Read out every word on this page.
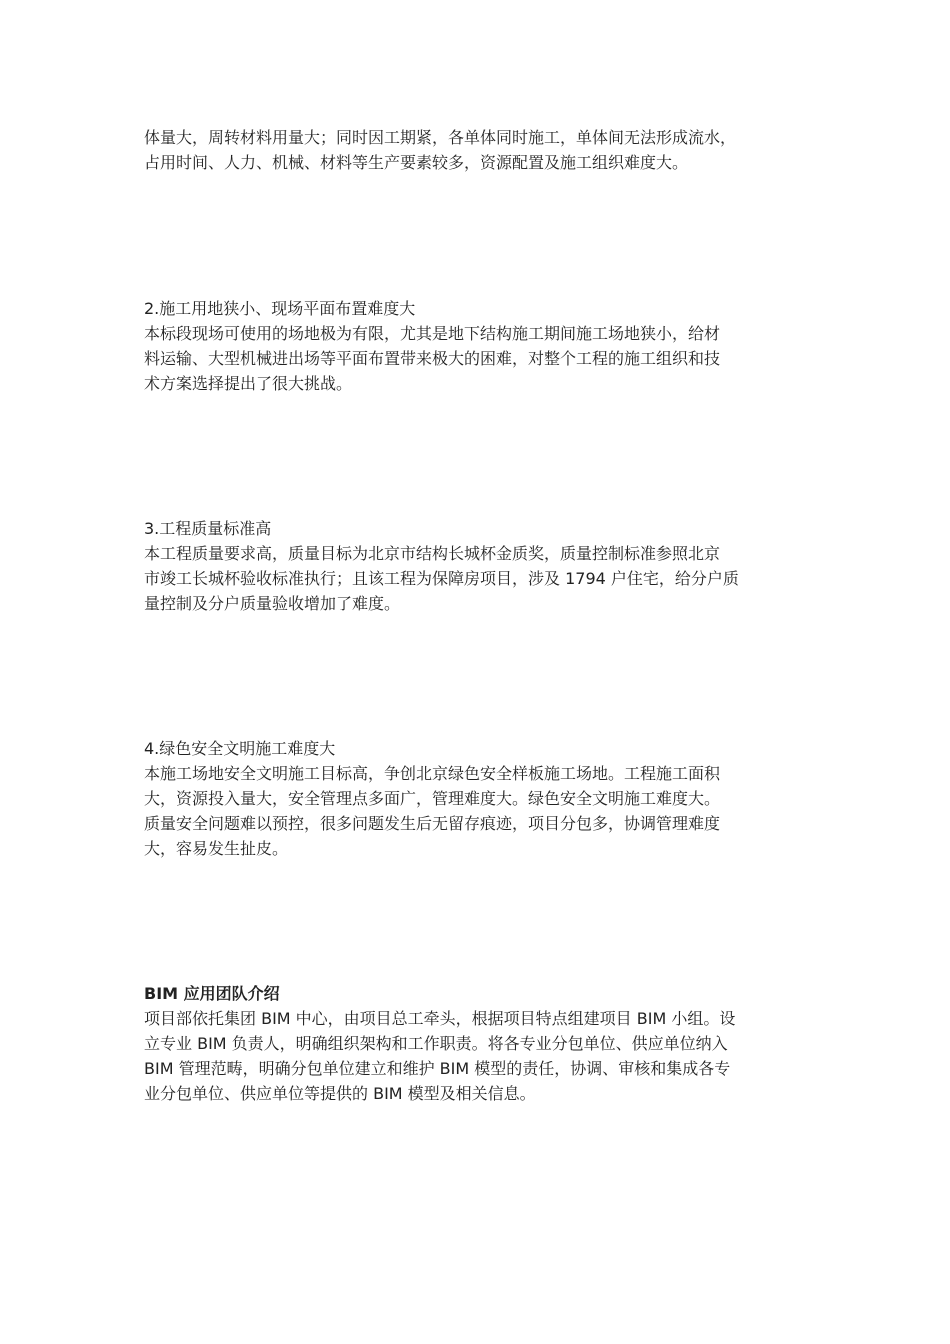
体量大，周转材料用量大；同时因工期紧，各单体同时施工，单体间无法形成流水，

占用时间、人力、机械、材料等生产要素较多，资源配置及施工组织难度大。

2.施工用地狭小、现场平面布置难度大

本标段现场可使用的场地极为有限，尤其是地下结构施工期间施工场地狭小，给材

料运输、大型机械进出场等平面布置带来极大的困难，对整个工程的施工组织和技

术方案选择提出了很大挑战。

3.工程质量标准高

本工程质量要求高，质量目标为北京市结构长城杯金质奖，质量控制标准参照北京

市竣工长城杯验收标准执行；且该工程为保障房项目，涉及 1794 户住宅，给分户质

量控制及分户质量验收增加了难度。

4.绿色安全文明施工难度大

本施工场地安全文明施工目标高，争创北京绿色安全样板施工场地。工程施工面积

大，资源投入量大，安全管理点多面广，管理难度大。绿色安全文明施工难度大。

质量安全问题难以预控，很多问题发生后无留存痕迹，项目分包多，协调管理难度

大，容易发生扯皮。

BIM 应用团队介绍

项目部依托集团 BIM 中心，由项目总工牵头，根据项目特点组建项目 BIM 小组。设

立专业 BIM 负责人，明确组织架构和工作职责。将各专业分包单位、供应单位纳入

BIM 管理范畴，明确分包单位建立和维护 BIM 模型的责任，协调、审核和集成各专

业分包单位、供应单位等提供的 BIM 模型及相关信息。
